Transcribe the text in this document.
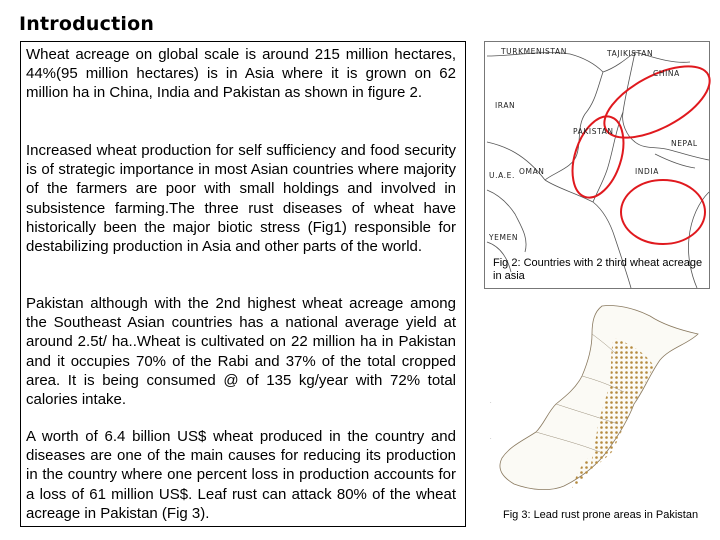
Introduction
Wheat acreage on global scale is around 215 million hectares, 44%(95 million hectares) is in Asia where it is grown on 62 million ha in China, India and Pakistan as shown in figure 2.
Increased wheat production for self sufficiency and food security is of strategic importance in most Asian countries where majority of the farmers are poor with small holdings and involved in subsistence farming.The three rust diseases of wheat have historically been the major biotic stress (Fig1) responsible for destabilizing production in Asia and other parts of the world.
Pakistan although with the 2nd highest wheat acreage among the Southeast Asian countries has a national average yield at around 2.5t/ ha..Wheat is cultivated on 22 million ha in Pakistan and it occupies 70% of the Rabi and 37% of the total cropped area. It is being consumed @ of 135 kg/year with 72% total calories intake.
A worth of 6.4 billion US$ wheat produced in the country and diseases are one of the main causes for reducing its production in the country where one percent loss in production accounts for a loss of 61 million US$. Leaf rust can attack 80% of the wheat acreage in Pakistan (Fig 3).
TURKMENISTAN	TAJIKISTAN
CHINA
IRAN
PAKISTAN
NEPAL
INDIA
U.A.E. OMAN
YEMEN
Fig 2: Countries with 2 third wheat acreage in asia
·
·
Fig 3: Lead rust prone areas in Pakistan
